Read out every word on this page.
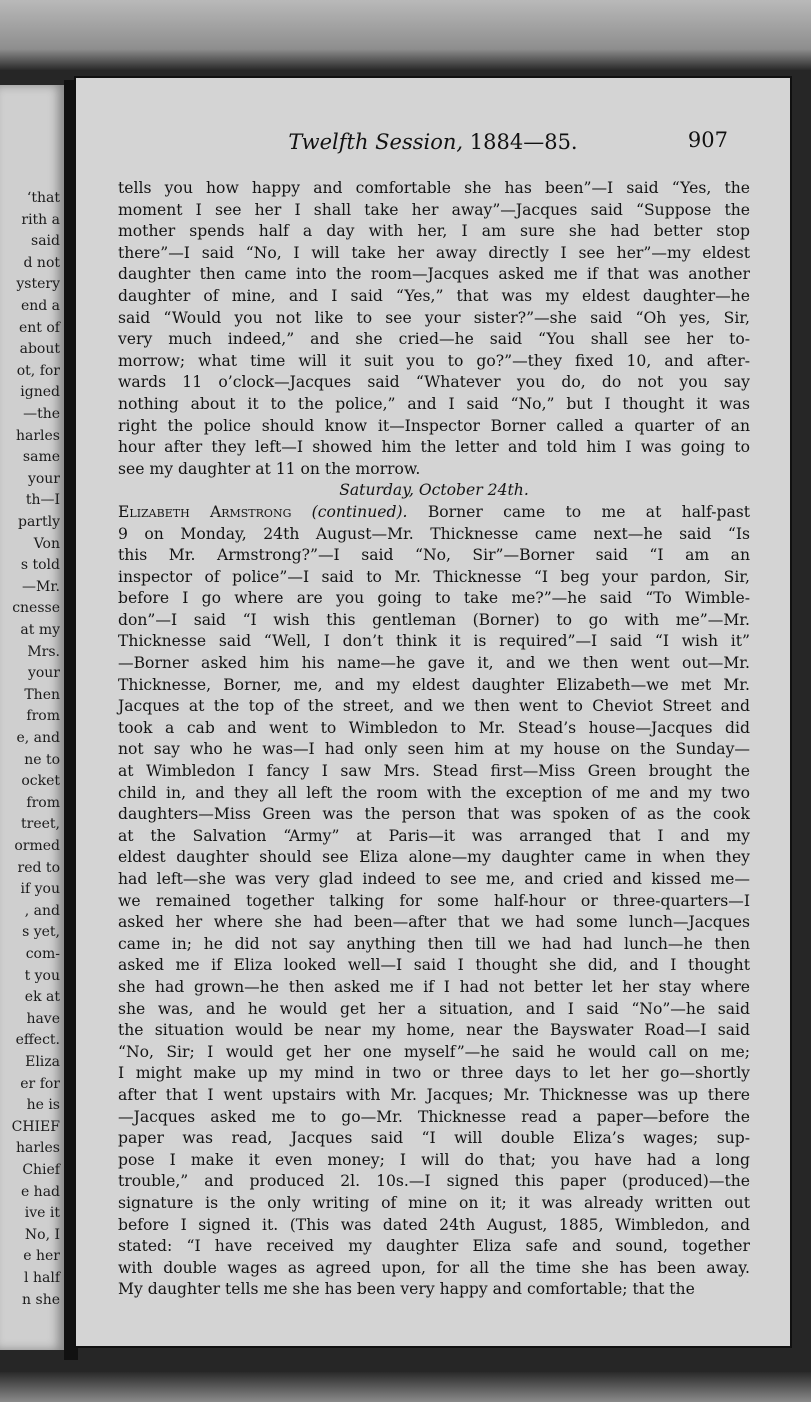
‘that
rith a
said
d not
ystery
end a
ent of
about
ot, for
igned
—the
harles
same
your
th—I
partly
Von
s told
—Mr.
cnesse
at my
Mrs.
your
Then
from
e, and
ne to
ocket
from
treet,
ormed
red to
if you
, and
s yet,
com-
t you
ek at
have
effect.
Eliza
er for
he is
CHIEF
harles
Chief
e had
ive it
No, I
e her
l half
n she
Twelfth Session, 1884—85.	907
tells you how happy and comfortable she has been”—I said “Yes, the
moment I see her I shall take her away”—Jacques said “Suppose the
mother spends half a day with her, I am sure she had better stop
there”—I said “No, I will take her away directly I see her”—my eldest
daughter then came into the room—Jacques asked me if that was another
daughter of mine, and I said “Yes,” that was my eldest daughter—he
said “Would you not like to see your sister?”—she said “Oh yes, Sir,
very much indeed,” and she cried—he said “You shall see her to-
morrow; what time will it suit you to go?”—they fixed 10, and after-
wards 11 o’clock—Jacques said “Whatever you do, do not you say
nothing about it to the police,” and I said “No,” but I thought it was
right the police should know it—Inspector Borner called a quarter of an
hour after they left—I showed him the letter and told him I was going to
see my daughter at 11 on the morrow.
Saturday, October 24th.
Elizabeth Armstrong (continued). Borner came to me at half-past
9 on Monday, 24th August—Mr. Thicknesse came next—he said “Is
this Mr. Armstrong?”—I said “No, Sir”—Borner said “I am an
inspector of police”—I said to Mr. Thicknesse “I beg your pardon, Sir,
before I go where are you going to take me?”—he said “To Wimble-
don”—I said “I wish this gentleman (Borner) to go with me”—Mr.
Thicknesse said “Well, I don’t think it is required”—I said “I wish it”
—Borner asked him his name—he gave it, and we then went out—Mr.
Thicknesse, Borner, me, and my eldest daughter Elizabeth—we met Mr.
Jacques at the top of the street, and we then went to Cheviot Street and
took a cab and went to Wimbledon to Mr. Stead’s house—Jacques did
not say who he was—I had only seen him at my house on the Sunday—
at Wimbledon I fancy I saw Mrs. Stead first—Miss Green brought the
child in, and they all left the room with the exception of me and my two
daughters—Miss Green was the person that was spoken of as the cook
at the Salvation “Army” at Paris—it was arranged that I and my
eldest daughter should see Eliza alone—my daughter came in when they
had left—she was very glad indeed to see me, and cried and kissed me—
we remained together talking for some half-hour or three-quarters—I
asked her where she had been—after that we had some lunch—Jacques
came in; he did not say anything then till we had had lunch—he then
asked me if Eliza looked well—I said I thought she did, and I thought
she had grown—he then asked me if I had not better let her stay where
she was, and he would get her a situation, and I said “No”—he said
the situation would be near my home, near the Bayswater Road—I said
“No, Sir; I would get her one myself”—he said he would call on me;
I might make up my mind in two or three days to let her go—shortly
after that I went upstairs with Mr. Jacques; Mr. Thicknesse was up there
—Jacques asked me to go—Mr. Thicknesse read a paper—before the
paper was read, Jacques said “I will double Eliza’s wages; sup-
pose I make it even money; I will do that; you have had a long
trouble,” and produced 2l. 10s.—I signed this paper (produced)—the
signature is the only writing of mine on it; it was already written out
before I signed it. (This was dated 24th August, 1885, Wimbledon, and
stated: “I have received my daughter Eliza safe and sound, together
with double wages as agreed upon, for all the time she has been away.
My daughter tells me she has been very happy and comfortable; that the
